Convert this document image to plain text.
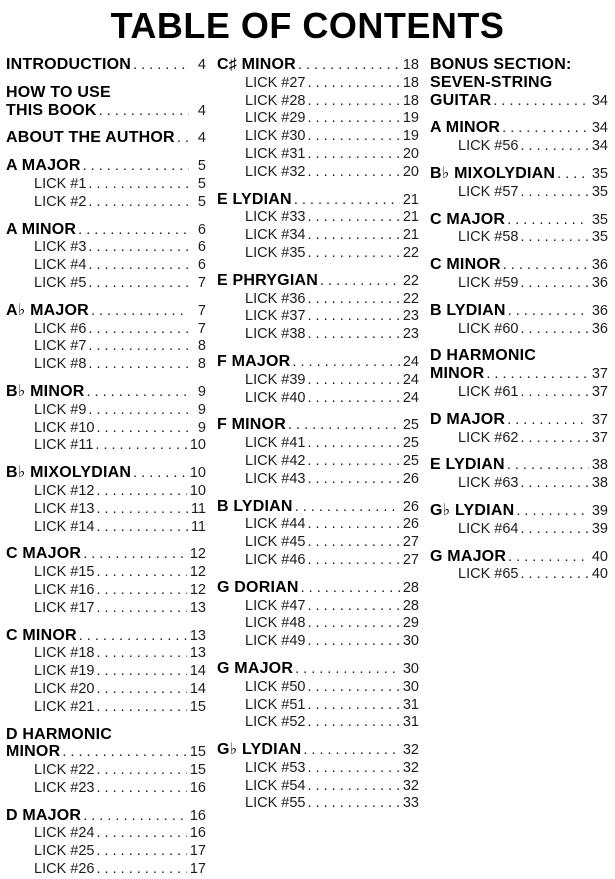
TABLE OF CONTENTS
INTRODUCTION . . .	4
HOW TO USE
THIS BOOK . . .	4
ABOUT THE AUTHOR . . .	4
A MAJOR . . .	5
LICK #1 . . .	5
LICK #2 . . .	5
A MINOR . . .	6
LICK #3 . . .	6
LICK #4 . . .	6
LICK #5 . . .	7
A♭ MAJOR . . .	7
LICK #6 . . .	7
LICK #7 . . .	8
LICK #8 . . .	8
B♭ MINOR . . .	9
LICK #9 . . .	9
LICK #10 . . .	9
LICK #11 . . .	10
B♭ MIXOLYDIAN . . .	10
LICK #12 . . .	10
LICK #13 . . .	11
LICK #14 . . .	11
C MAJOR . . .	12
LICK #15 . . .	12
LICK #16 . . .	12
LICK #17 . . .	13
C MINOR . . .	13
LICK #18 . . .	13
LICK #19 . . .	14
LICK #20 . . .	14
LICK #21 . . .	15
D HARMONIC
MINOR . . .	15
LICK #22 . . .	15
LICK #23 . . .	16
D MAJOR . . .	16
LICK #24 . . .	16
LICK #25 . . .	17
LICK #26 . . .	17
C♯ MINOR . . .	18
LICK #27 . . .	18
LICK #28 . . .	18
LICK #29 . . .	19
LICK #30 . . .	19
LICK #31 . . .	20
LICK #32 . . .	20
E LYDIAN . . .	21
LICK #33 . . .	21
LICK #34 . . .	21
LICK #35 . . .	22
E PHRYGIAN . . .	22
LICK #36 . . .	22
LICK #37 . . .	23
LICK #38 . . .	23
F MAJOR . . .	24
LICK #39 . . .	24
LICK #40 . . .	24
F MINOR . . .	25
LICK #41 . . .	25
LICK #42 . . .	25
LICK #43 . . .	26
B LYDIAN . . .	26
LICK #44 . . .	26
LICK #45 . . .	27
LICK #46 . . .	27
G DORIAN . . .	28
LICK #47 . . .	28
LICK #48 . . .	29
LICK #49 . . .	30
G MAJOR . . .	30
LICK #50 . . .	30
LICK #51 . . .	31
LICK #52 . . .	31
G♭ LYDIAN . . .	32
LICK #53 . . .	32
LICK #54 . . .	32
LICK #55 . . .	33
BONUS SECTION:
SEVEN-STRING
GUITAR . . .	34
A MINOR . . .	34
LICK #56 . . .	34
B♭ MIXOLYDIAN . . .	35
LICK #57 . . .	35
C MAJOR . . .	35
LICK #58 . . .	35
C MINOR . . .	36
LICK #59 . . .	36
B LYDIAN . . .	36
LICK #60 . . .	36
D HARMONIC
MINOR . . .	37
LICK #61 . . .	37
D MAJOR . . .	37
LICK #62 . . .	37
E LYDIAN . . .	38
LICK #63 . . .	38
G♭ LYDIAN . . .	39
LICK #64 . . .	39
G MAJOR . . .	40
LICK #65 . . .	40
